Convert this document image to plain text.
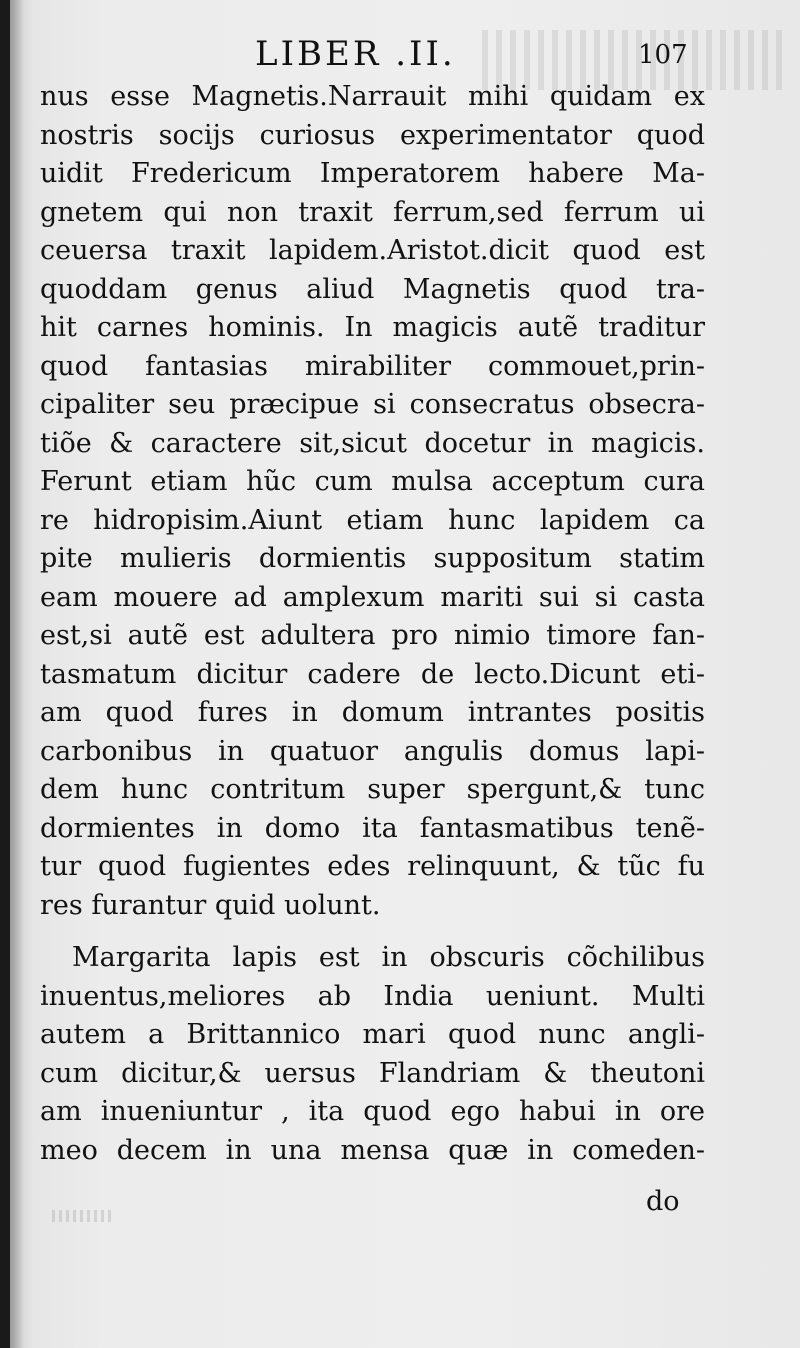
LIBER .II.	107
nus esse Magnetis.Narrauit mihi quidam ex
nostris socijs curiosus experimentator quod
uidit Fredericum Imperatorem habere Ma-
gnetem qui non traxit ferrum,sed ferrum ui
ceuersa traxit lapidem.Aristot.dicit quod est
quoddam genus aliud Magnetis quod tra-
hit carnes hominis. In magicis autẽ traditur
quod fantasias mirabiliter commouet,prin-
cipaliter seu præcipue si consecratus obsecra-
tiõe & caractere sit,sicut docetur in magicis.
Ferunt etiam hũc cum mulsa acceptum cura
re hidropisim.Aiunt etiam hunc lapidem ca
pite mulieris dormientis suppositum statim
eam mouere ad amplexum mariti sui si casta
est,si autẽ est adultera pro nimio timore fan-
tasmatum dicitur cadere de lecto.Dicunt eti-
am quod fures in domum intrantes positis
carbonibus in quatuor angulis domus lapi-
dem hunc contritum super spergunt,& tunc
dormientes in domo ita fantasmatibus tenẽ-
tur quod fugientes edes relinquunt, & tũc fu
res furantur quid uolunt.
Margarita lapis est in obscuris cõchilibus
inuentus,meliores ab India ueniunt. Multi
autem a Brittannico mari quod nunc angli-
cum dicitur,& uersus Flandriam & theutoni
am inueniuntur , ita quod ego habui in ore
meo decem in una mensa quæ in comeden-
do
